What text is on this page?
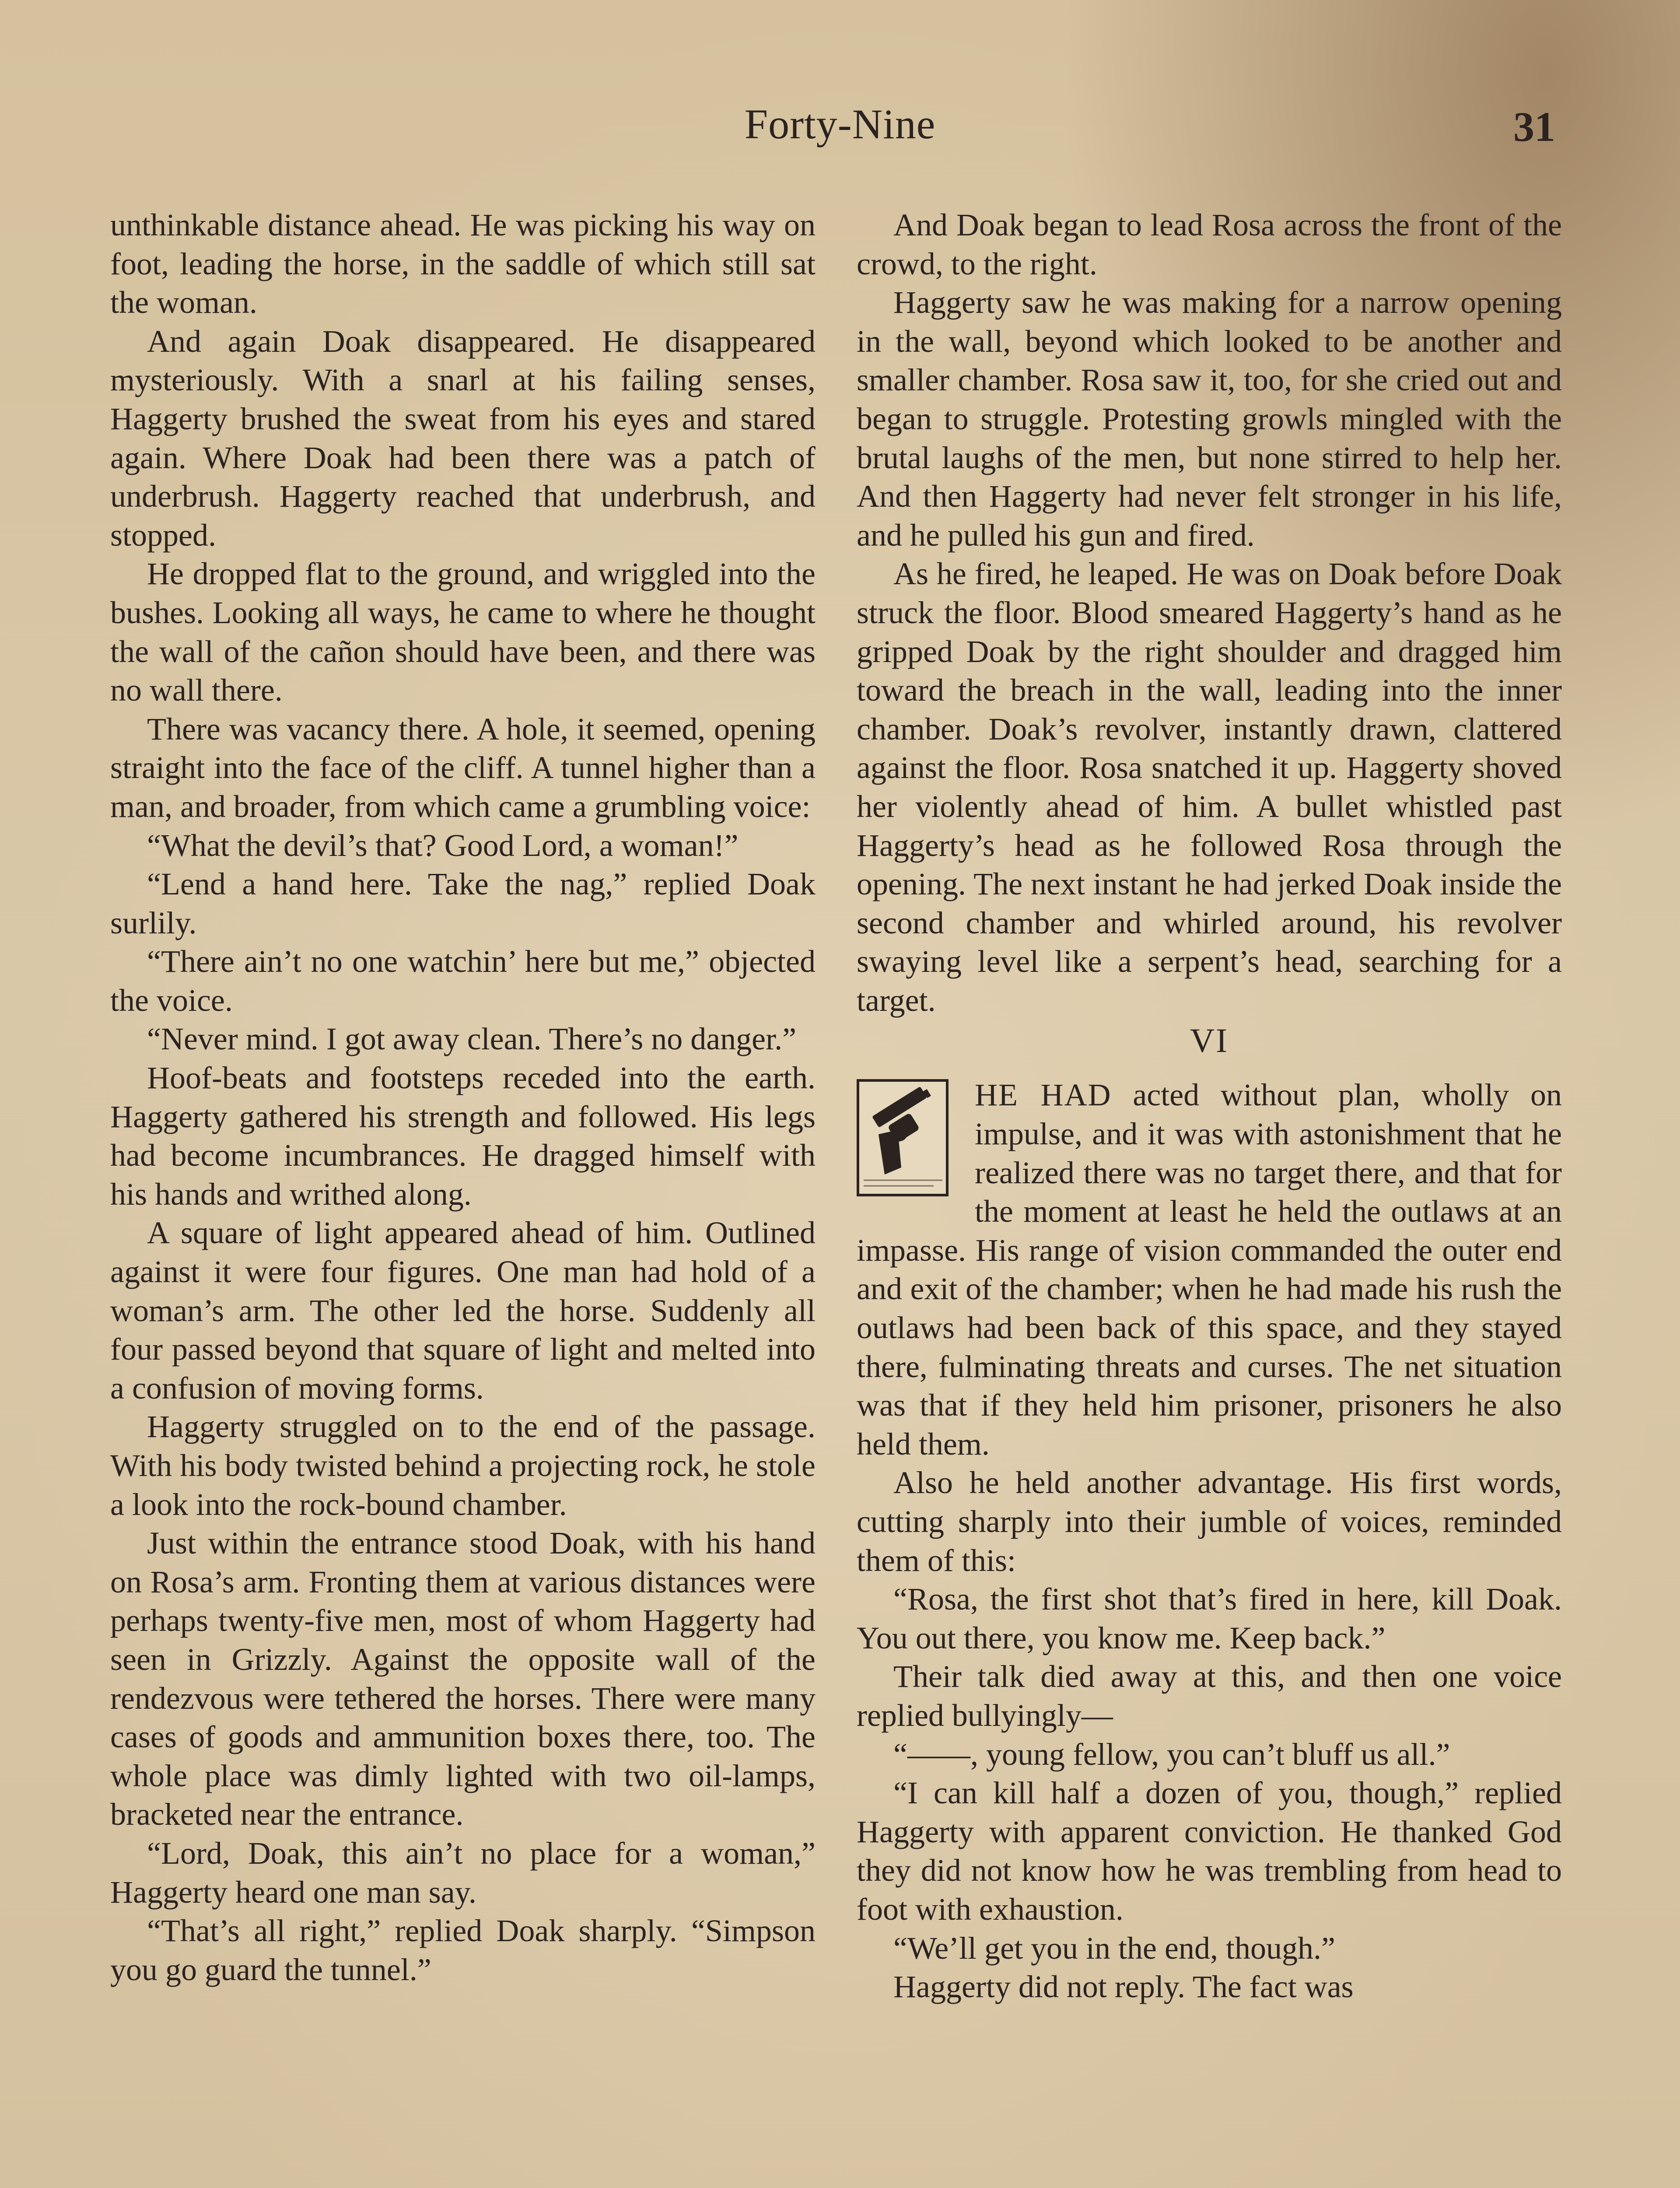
Forty-Nine	31

unthinkable distance ahead. He was picking his way on foot, leading the horse, in the saddle of which still sat the woman.

And again Doak disappeared. He disappeared mysteriously. With a snarl at his failing senses, Haggerty brushed the sweat from his eyes and stared again. Where Doak had been there was a patch of underbrush. Haggerty reached that underbrush, and stopped.

He dropped flat to the ground, and wriggled into the bushes. Looking all ways, he came to where he thought the wall of the cañon should have been, and there was no wall there.

There was vacancy there. A hole, it seemed, opening straight into the face of the cliff. A tunnel higher than a man, and broader, from which came a grumbling voice:

“What the devil’s that? Good Lord, a woman!”

“Lend a hand here. Take the nag,” replied Doak surlily.

“There ain’t no one watchin’ here but me,” objected the voice.

“Never mind. I got away clean. There’s no danger.”

Hoof-beats and footsteps receded into the earth. Haggerty gathered his strength and followed. His legs had become incumbrances. He dragged himself with his hands and writhed along.

A square of light appeared ahead of him. Outlined against it were four figures. One man had hold of a woman’s arm. The other led the horse. Suddenly all four passed beyond that square of light and melted into a confusion of moving forms.

Haggerty struggled on to the end of the passage. With his body twisted behind a projecting rock, he stole a look into the rock-bound chamber.

Just within the entrance stood Doak, with his hand on Rosa’s arm. Fronting them at various distances were perhaps twenty-five men, most of whom Haggerty had seen in Grizzly. Against the opposite wall of the rendezvous were tethered the horses. There were many cases of goods and ammunition boxes there, too. The whole place was dimly lighted with two oil-lamps, bracketed near the entrance.

“Lord, Doak, this ain’t no place for a woman,” Haggerty heard one man say.

“That’s all right,” replied Doak sharply. “Simpson you go guard the tunnel.”

And Doak began to lead Rosa across the front of the crowd, to the right.

Haggerty saw he was making for a narrow opening in the wall, beyond which looked to be another and smaller chamber. Rosa saw it, too, for she cried out and began to struggle. Protesting growls mingled with the brutal laughs of the men, but none stirred to help her. And then Haggerty had never felt stronger in his life, and he pulled his gun and fired.

As he fired, he leaped. He was on Doak before Doak struck the floor. Blood smeared Haggerty’s hand as he gripped Doak by the right shoulder and dragged him toward the breach in the wall, leading into the inner chamber. Doak’s revolver, instantly drawn, clattered against the floor. Rosa snatched it up. Haggerty shoved her violently ahead of him. A bullet whistled past Haggerty’s head as he followed Rosa through the opening. The next instant he had jerked Doak inside the second chamber and whirled around, his revolver swaying level like a serpent’s head, searching for a target.

VI

HE HAD acted without plan, wholly on impulse, and it was with astonishment that he realized there was no target there, and that for the moment at least he held the outlaws at an impasse. His range of vision commanded the outer end and exit of the chamber; when he had made his rush the outlaws had been back of this space, and they stayed there, fulminating threats and curses. The net situation was that if they held him prisoner, prisoners he also held them.

Also he held another advantage. His first words, cutting sharply into their jumble of voices, reminded them of this:

“Rosa, the first shot that’s fired in here, kill Doak. You out there, you know me. Keep back.”

Their talk died away at this, and then one voice replied bullyingly—

“——, young fellow, you can’t bluff us all.”

“I can kill half a dozen of you, though,” replied Haggerty with apparent conviction. He thanked God they did not know how he was trembling from head to foot with exhaustion.

“We’ll get you in the end, though.”

Haggerty did not reply. The fact was
